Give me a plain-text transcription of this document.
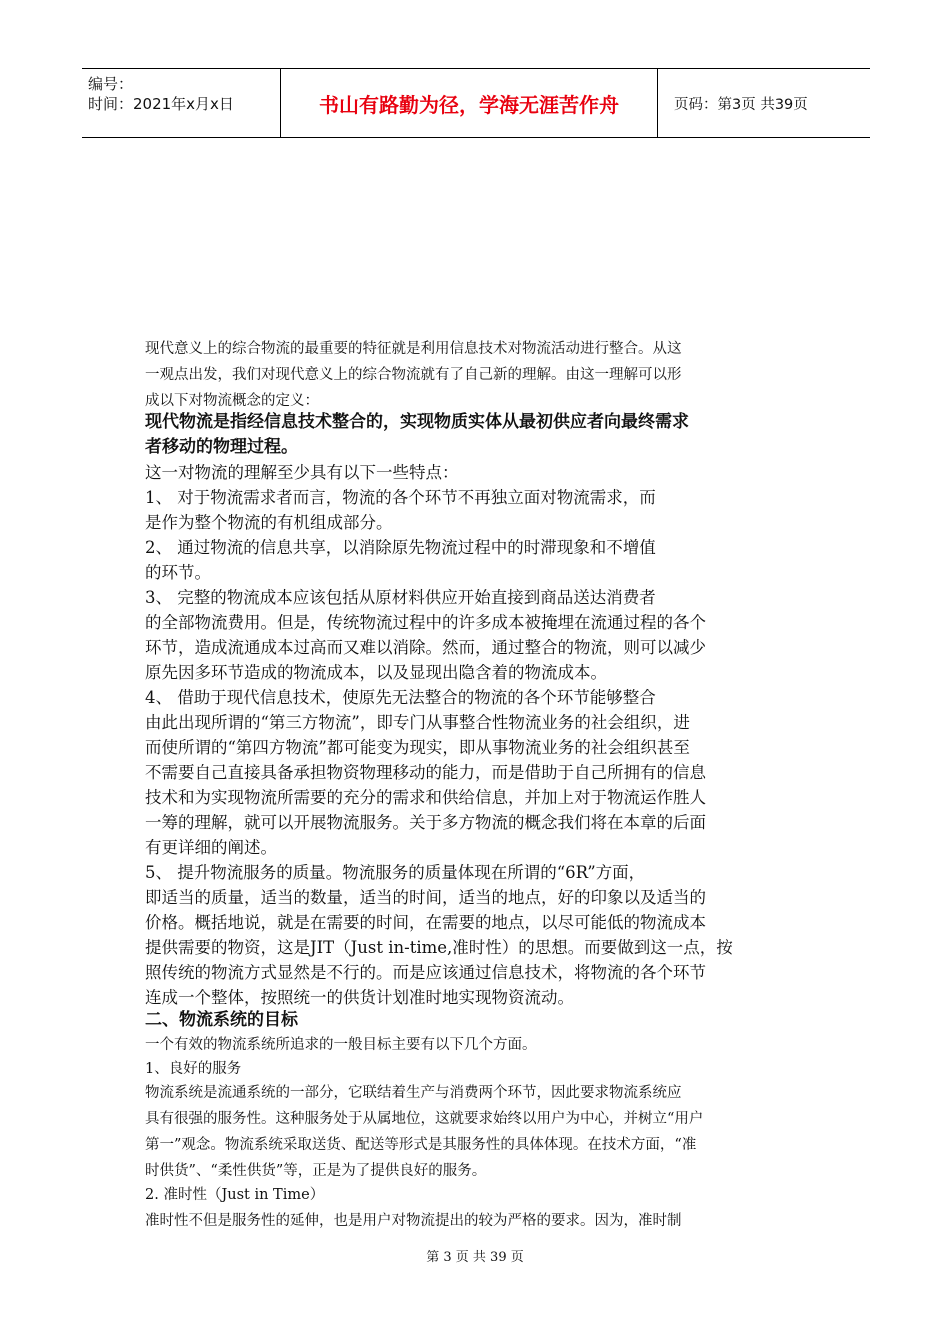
编号：
时间：2021年x月x日	书山有路勤为径，学海无涯苦作舟	页码：第3页 共39页
现代意义上的综合物流的最重要的特征就是利用信息技术对物流活动进行整合。从这
一观点出发，我们对现代意义上的综合物流就有了自己新的理解。由这一理解可以形
成以下对物流概念的定义：
现代物流是指经信息技术整合的，实现物质实体从最初供应者向最终需求
者移动的物理过程。
这一对物流的理解至少具有以下一些特点：
1、 对于物流需求者而言，物流的各个环节不再独立面对物流需求，而
是作为整个物流的有机组成部分。
2、 通过物流的信息共享，以消除原先物流过程中的时滞现象和不增值
的环节。
3、 完整的物流成本应该包括从原材料供应开始直接到商品送达消费者
的全部物流费用。但是，传统物流过程中的许多成本被掩埋在流通过程的各个
环节，造成流通成本过高而又难以消除。然而，通过整合的物流，则可以减少
原先因多环节造成的物流成本，以及显现出隐含着的物流成本。
4、 借助于现代信息技术，使原先无法整合的物流的各个环节能够整合
由此出现所谓的“第三方物流”，即专门从事整合性物流业务的社会组织，进
而使所谓的“第四方物流”都可能变为现实，即从事物流业务的社会组织甚至
不需要自己直接具备承担物资物理移动的能力，而是借助于自己所拥有的信息
技术和为实现物流所需要的充分的需求和供给信息，并加上对于物流运作胜人
一筹的理解，就可以开展物流服务。关于多方物流的概念我们将在本章的后面
有更详细的阐述。
5、 提升物流服务的质量。物流服务的质量体现在所谓的“6R”方面，
即适当的质量，适当的数量，适当的时间，适当的地点，好的印象以及适当的
价格。概括地说，就是在需要的时间，在需要的地点，以尽可能低的物流成本
提供需要的物资，这是JIT（Just in-time,准时性）的思想。而要做到这一点，按
照传统的物流方式显然是不行的。而是应该通过信息技术，将物流的各个环节
连成一个整体，按照统一的供货计划准时地实现物资流动。
二、物流系统的目标
一个有效的物流系统所追求的一般目标主要有以下几个方面。
1、良好的服务
物流系统是流通系统的一部分，它联结着生产与消费两个环节，因此要求物流系统应
具有很强的服务性。这种服务处于从属地位，这就要求始终以用户为中心，并树立“用户
第一”观念。物流系统采取送货、配送等形式是其服务性的具体体现。在技术方面，“准
时供货”、“柔性供货”等，正是为了提供良好的服务。
2. 准时性（Just in Time）
准时性不但是服务性的延伸，也是用户对物流提出的较为严格的要求。因为，准时制
第 3 页 共 39 页
